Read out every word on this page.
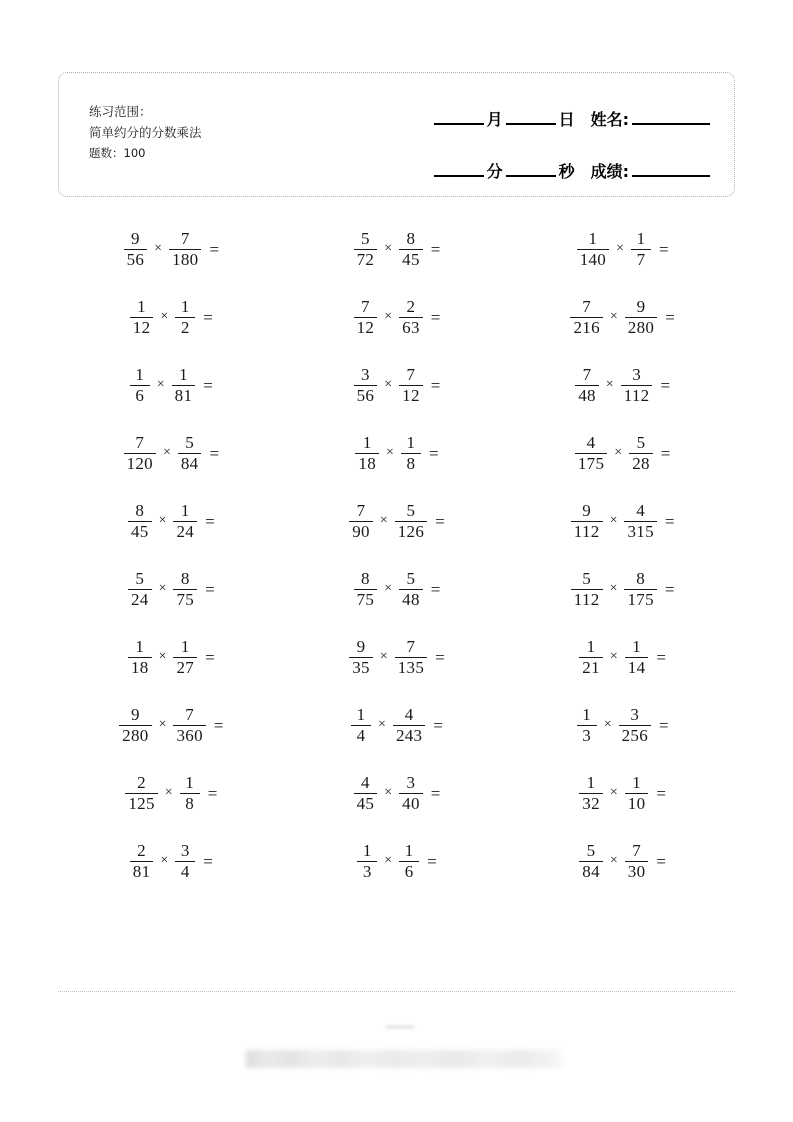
练习范围：
简单约分的分数乘法
题数：100
月	日 姓名:
分	秒 成绩:
$\frac{9}{56} \times \frac{7}{180}$ =	$\frac{5}{72} \times \frac{8}{45}$ =	$\frac{1}{140} \times \frac{1}{7}$ =
$\frac{1}{12} \times \frac{1}{2}$ =	$\frac{7}{12} \times \frac{2}{63}$ =	$\frac{7}{216} \times \frac{9}{280}$ =
$\frac{1}{6} \times \frac{1}{81}$ =	$\frac{3}{56} \times \frac{7}{12}$ =	$\frac{7}{48} \times \frac{3}{112}$ =
$\frac{7}{120} \times \frac{5}{84}$ =	$\frac{1}{18} \times \frac{1}{8}$ =	$\frac{4}{175} \times \frac{5}{28}$ =
$\frac{8}{45} \times \frac{1}{24}$ =	$\frac{7}{90} \times \frac{5}{126}$ =	$\frac{9}{112} \times \frac{4}{315}$ =
$\frac{5}{24} \times \frac{8}{75}$ =	$\frac{8}{75} \times \frac{5}{48}$ =	$\frac{5}{112} \times \frac{8}{175}$ =
$\frac{1}{18} \times \frac{1}{27}$ =	$\frac{9}{35} \times \frac{7}{135}$ =	$\frac{1}{21} \times \frac{1}{14}$ =
$\frac{9}{280} \times \frac{7}{360}$ =	$\frac{1}{4} \times \frac{4}{243}$ =	$\frac{1}{3} \times \frac{3}{256}$ =
$\frac{2}{125} \times \frac{1}{8}$ =	$\frac{4}{45} \times \frac{3}{40}$ =	$\frac{1}{32} \times \frac{1}{10}$ =
$\frac{2}{81} \times \frac{3}{4}$ =	$\frac{1}{3} \times \frac{1}{6}$ =	$\frac{5}{84} \times \frac{7}{30}$ =
